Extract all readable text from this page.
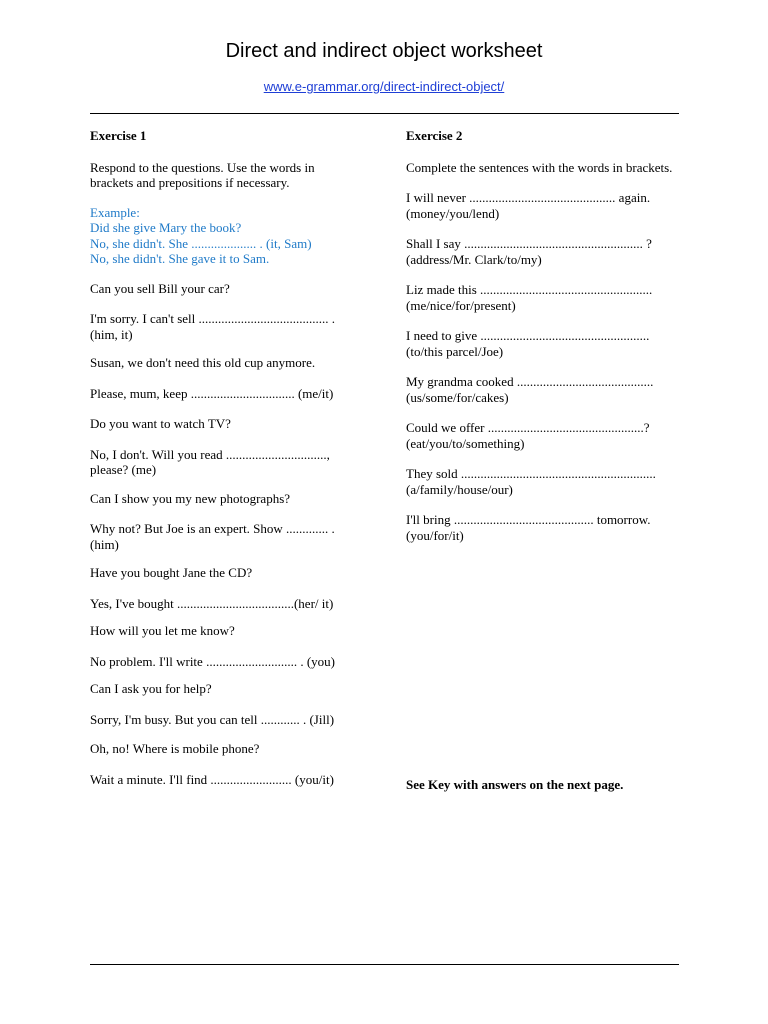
Direct and indirect object worksheet
www.e-grammar.org/direct-indirect-object/

Exercise 1

Respond to the questions. Use the words in brackets and prepositions if necessary.

Example:

Did she give Mary the book?

No, she didn't. She .................... . (it, Sam)

No, she didn't. She gave it to Sam.

Can you sell Bill your car?

I'm sorry. I can't sell ........................................ . (him, it)

Susan, we don't need this old cup anymore.

Please, mum, keep ................................ (me/it)

Do you want to watch TV?

No, I don't. Will you read ..............................., please? (me)

Can I show you my new photographs?

Why not? But Joe is an expert. Show ............. . (him)

Have you bought Jane the CD?

Yes, I've bought ....................................(her/ it)

How will you let me know?

No problem. I'll write ............................ . (you)

Can I ask you for help?

Sorry, I'm busy. But you can tell ............ . (Jill)

Oh, no! Where is mobile phone?

Wait a minute. I'll find ......................... (you/it)

Exercise 2

Complete the sentences with the words in brackets.

I will never ............................................. again. (money/you/lend)

Shall I say ....................................................... ? (address/Mr. Clark/to/my)

Liz made this ..................................................... (me/nice/for/present)

I need to give .................................................... (to/this parcel/Joe)

My grandma cooked .......................................... (us/some/for/cakes)

Could we offer ................................................? (eat/you/to/something)

They sold ............................................................ (a/family/house/our)

I'll bring ........................................... tomorrow. (you/for/it)

See Key with answers on the next page.
